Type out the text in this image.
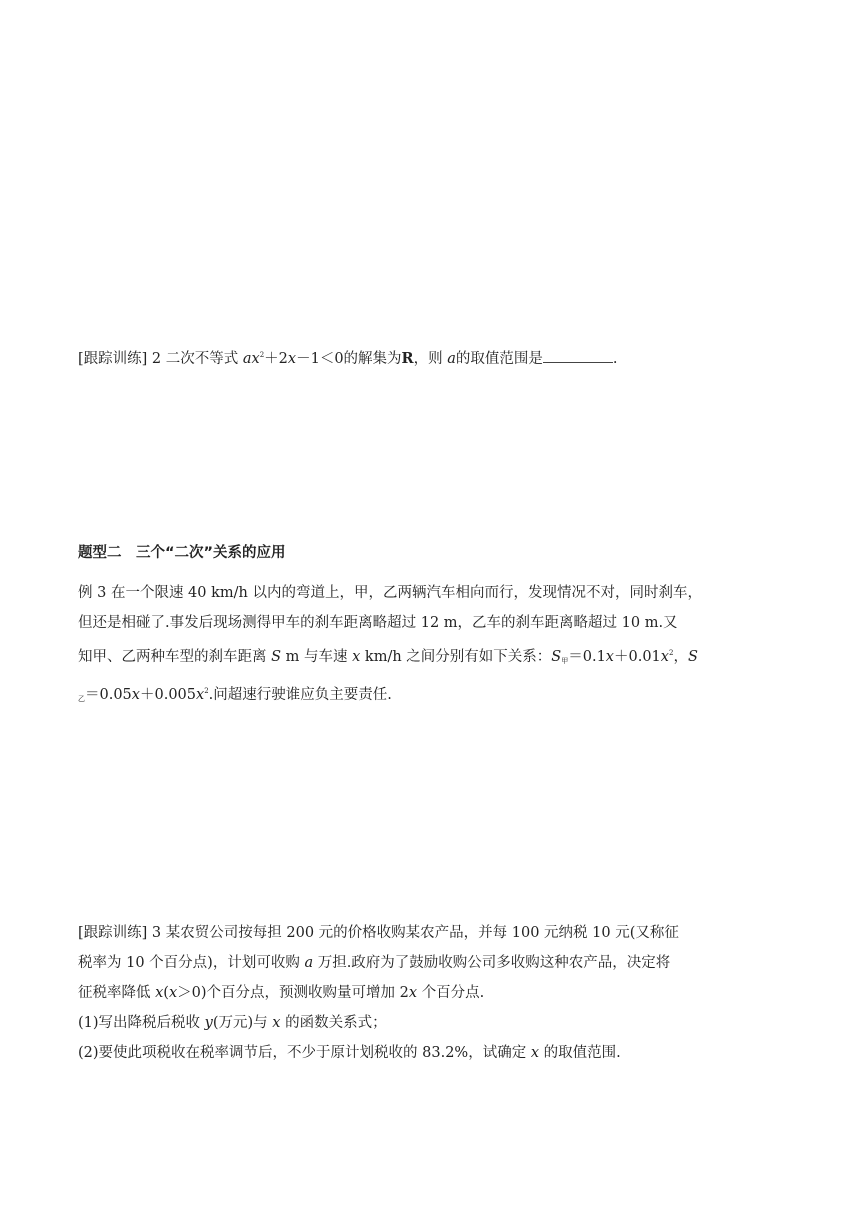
[跟踪训练] 2 二次不等式 $ax^2+2x-1<0$的解集为R，则 a的取值范围是	.
题型二　三个“二次”关系的应用
例 3 在一个限速 40 km/h 以内的弯道上，甲，乙两辆汽车相向而行，发现情况不对，同时刹车，
但还是相碰了.事发后现场测得甲车的刹车距离略超过 12 m，乙车的刹车距离略超过 10 m.又
知甲、乙两种车型的刹车距离 S m 与车速 x km/h 之间分别有如下关系：$S_甲=0.1x+0.01x^2$，S
$_乙=0.05x+0.005x^2$.问超速行驶谁应负主要责任.
[跟踪训练] 3 某农贸公司按每担 200 元的价格收购某农产品，并每 100 元纳税 10 元(又称征
税率为 10 个百分点)，计划可收购 a 万担.政府为了鼓励收购公司多收购这种农产品，决定将
征税率降低 x(x＞0)个百分点，预测收购量可增加 2x 个百分点.
(1)写出降税后税收 y(万元)与 x 的函数关系式；
(2)要使此项税收在税率调节后，不少于原计划税收的 83.2%，试确定 x 的取值范围.
